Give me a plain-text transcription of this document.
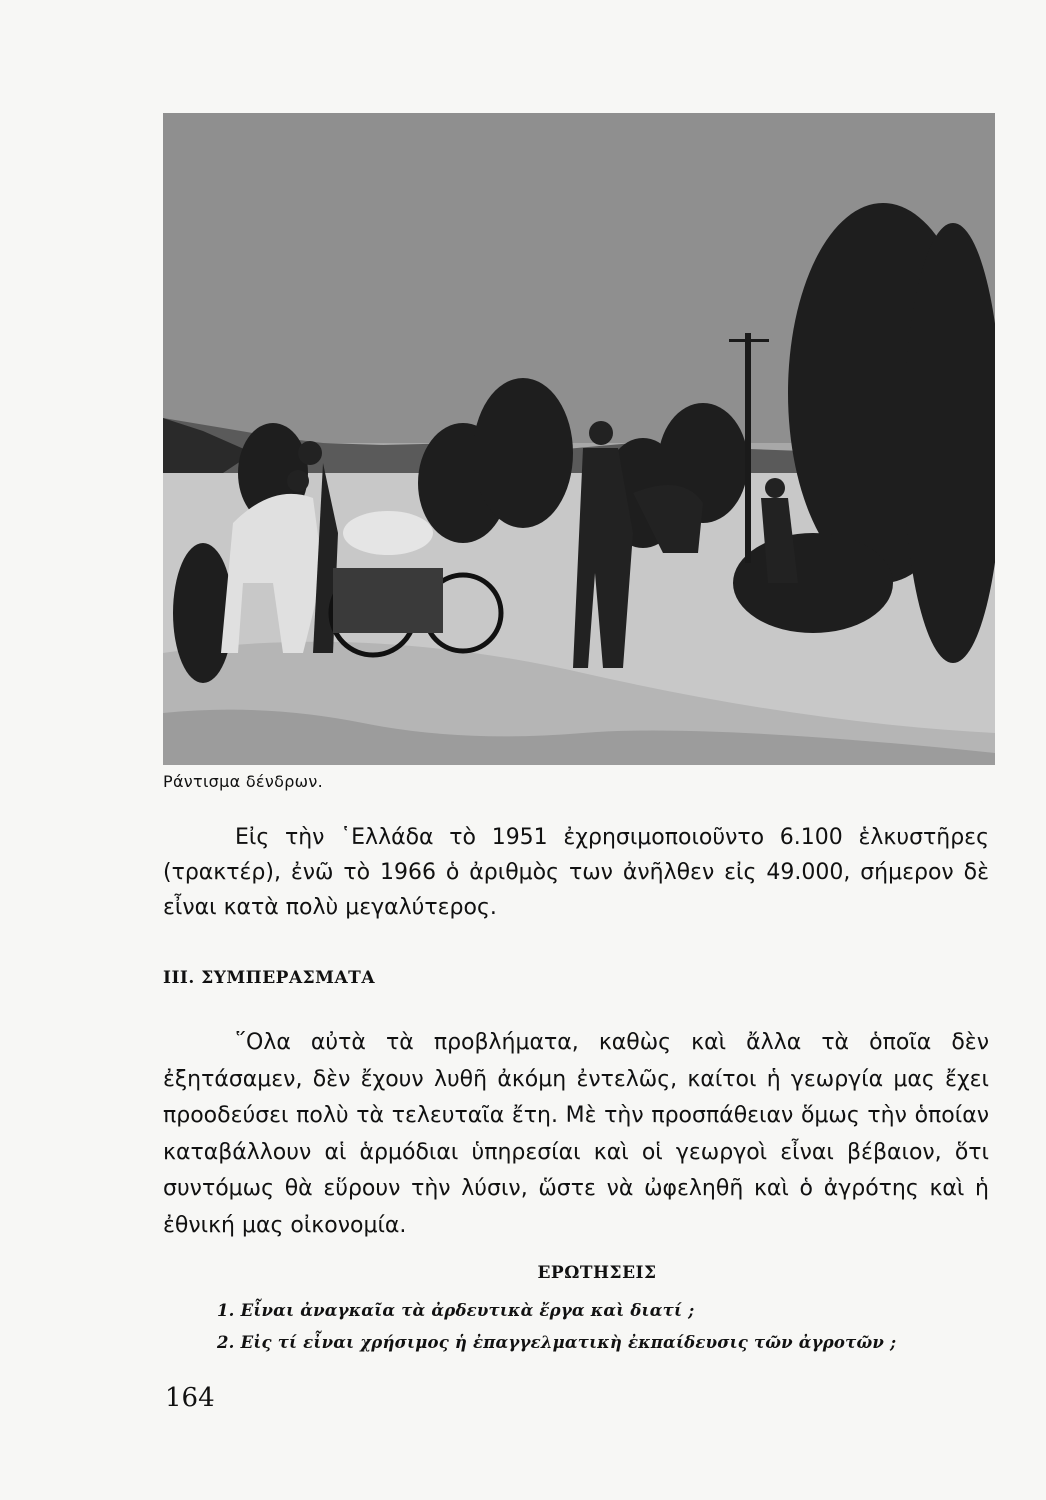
Ράντισμα δένδρων.
Εἰς τὴν ῾Ελλάδα τὸ 1951 ἐχρησιμοποιοῦντο 6.100 ἑλκυστῆρες (τρακτέρ), ἐνῶ τὸ 1966 ὁ ἀριθμὸς των ἀνῆλθεν εἰς 49.000, σήμερον δὲ εἶναι κατὰ πολὺ μεγαλύτερος.
III. ΣΥΜΠΕΡΑΣΜΑΤΑ
῞Ολα αὐτὰ τὰ προβλήματα, καθὼς καὶ ἄλλα τὰ ὁποῖα δὲν ἐξητάσαμεν, δὲν ἔχουν λυθῆ ἀκόμη ἐντελῶς, καίτοι ἡ γεωργία μας ἔχει προοδεύσει πολὺ τὰ τελευταῖα ἔτη. Μὲ τὴν προσπάθειαν ὅμως τὴν ὁποίαν καταβάλλουν αἱ ἁρμόδιαι ὑπηρεσίαι καὶ οἱ γεωργοὶ εἶναι βέβαιον, ὅτι συντόμως θὰ εὕρουν τὴν λύσιν, ὥστε νὰ ὠφεληθῆ καὶ ὁ ἀγρότης καὶ ἡ ἐθνική μας οἰκονομία.
ΕΡΩΤΗΣΕΙΣ
1. Εἶναι ἀναγκαῖα τὰ ἀρδευτικὰ ἔργα καὶ διατί ;
2. Εἰς τί εἶναι χρήσιμος ἡ ἐπαγγελματικὴ ἐκπαίδευσις τῶν ἀγροτῶν ;
164
